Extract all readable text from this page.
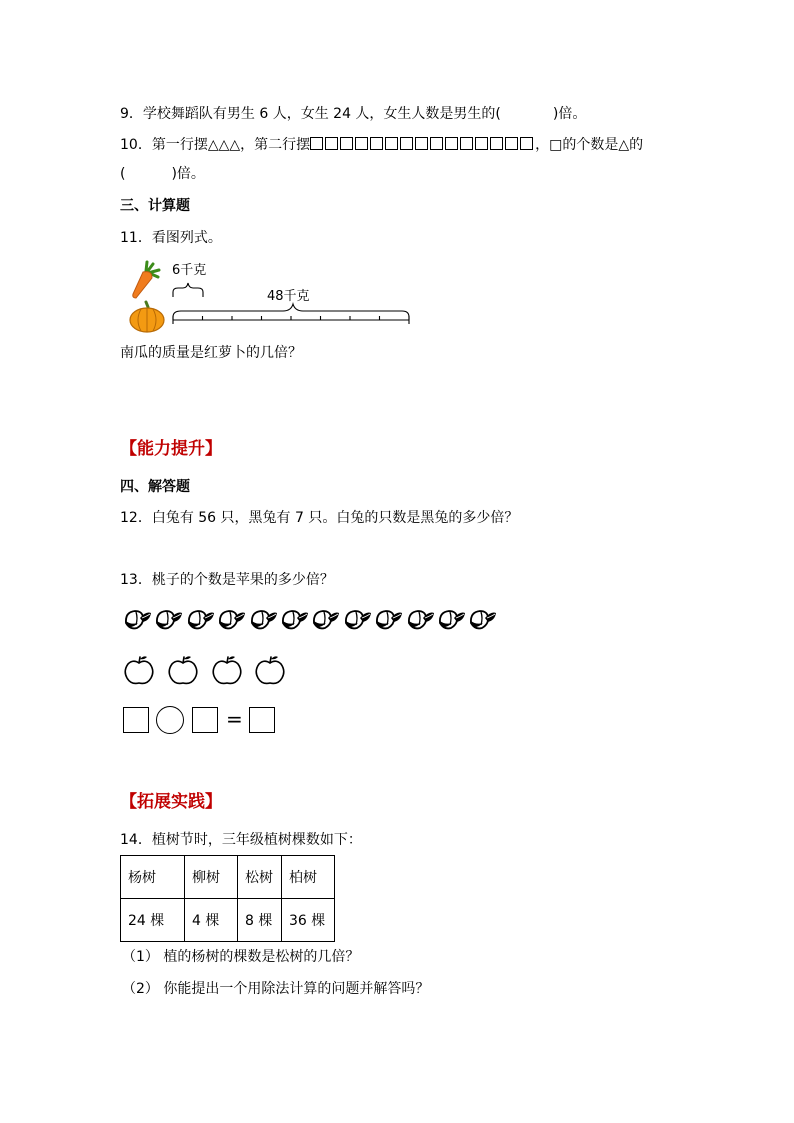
9．学校舞蹈队有男生 6 人，女生 24 人，女生人数是男生的(	)倍。
10．第一行摆△△△，第二行摆	，□的个数是△的
(	)倍。
三、计算题
11．看图列式。
6千克
48千克
南瓜的质量是红萝卜的几倍？
【能力提升】
四、解答题
12．白兔有 56 只，黑兔有 7 只。白兔的只数是黑兔的多少倍？
13．桃子的个数是苹果的多少倍？
=
【拓展实践】
14．植树节时，三年级植树棵数如下：
杨树	柳树	松树	柏树
24 棵	4 棵	8 棵	36 棵
（1） 植的杨树的棵数是松树的几倍？
（2） 你能提出一个用除法计算的问题并解答吗？
